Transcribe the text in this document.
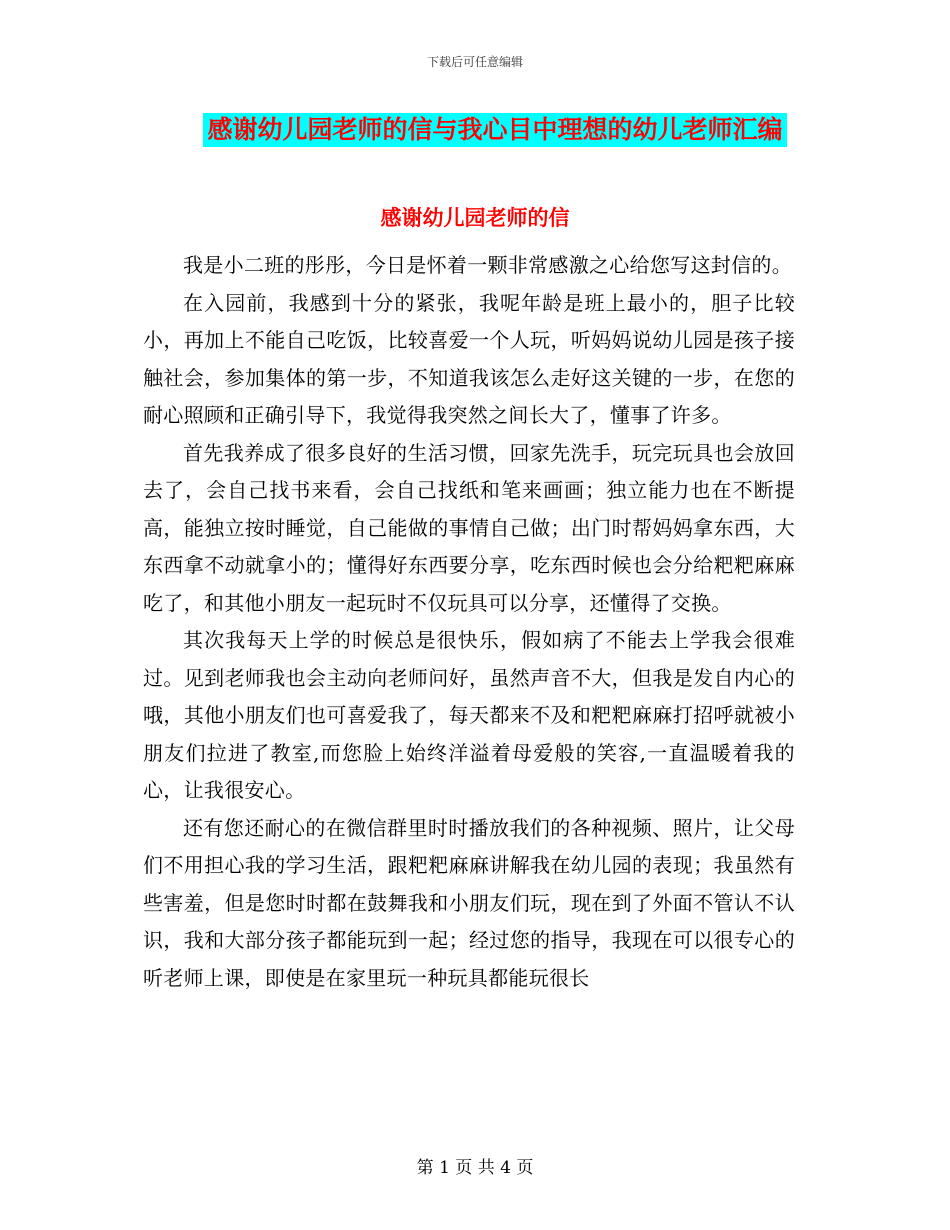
下载后可任意编辑
感谢幼儿园老师的信与我心目中理想的幼儿老师汇编
感谢幼儿园老师的信

我是小二班的彤彤，今日是怀着一颗非常感激之心给您写这封信的。

在入园前，我感到十分的紧张，我呢年龄是班上最小的，胆子比较小，再加上不能自己吃饭，比较喜爱一个人玩，听妈妈说幼儿园是孩子接触社会，参加集体的第一步，不知道我该怎么走好这关键的一步，在您的耐心照顾和正确引导下，我觉得我突然之间长大了，懂事了许多。

首先我养成了很多良好的生活习惯，回家先洗手，玩完玩具也会放回去了，会自己找书来看，会自己找纸和笔来画画；独立能力也在不断提高，能独立按时睡觉，自己能做的事情自己做；出门时帮妈妈拿东西，大东西拿不动就拿小的；懂得好东西要分享，吃东西时候也会分给粑粑麻麻吃了，和其他小朋友一起玩时不仅玩具可以分享，还懂得了交换。

其次我每天上学的时候总是很快乐，假如病了不能去上学我会很难过。见到老师我也会主动向老师问好，虽然声音不大，但我是发自内心的哦，其他小朋友们也可喜爱我了，每天都来不及和粑粑麻麻打招呼就被小朋友们拉进了教室,而您脸上始终洋溢着母爱般的笑容,一直温暖着我的心，让我很安心。

还有您还耐心的在微信群里时时播放我们的各种视频、照片，让父母们不用担心我的学习生活，跟粑粑麻麻讲解我在幼儿园的表现；我虽然有些害羞，但是您时时都在鼓舞我和小朋友们玩，现在到了外面不管认不认识，我和大部分孩子都能玩到一起；经过您的指导，我现在可以很专心的听老师上课，即使是在家里玩一种玩具都能玩很长

第 1 页 共 4 页
